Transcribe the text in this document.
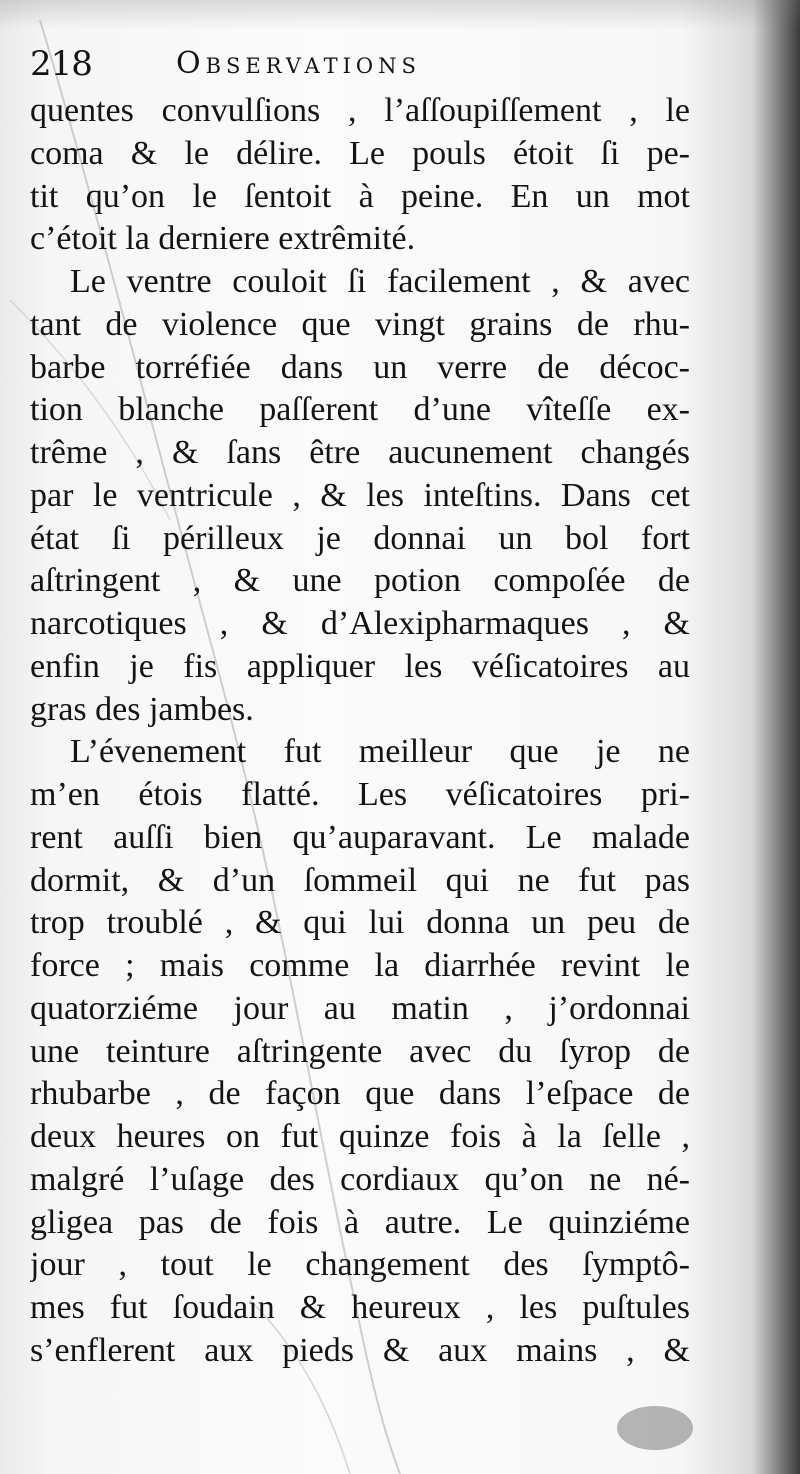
218	Observations
quentes convulſions , l’aſſoupiſſement , le
coma & le délire. Le pouls étoit ſi pe-
tit qu’on le ſentoit à peine. En un mot
c’étoit la derniere extrêmité.
Le ventre couloit ſi facilement , & avec
tant de violence que vingt grains de rhu-
barbe torréfiée dans un verre de décoc-
tion blanche paſſerent d’une vîteſſe ex-
trême , & ſans être aucunement changés
par le ventricule , & les inteſtins. Dans cet
état ſi périlleux je donnai un bol fort
aſtringent , & une potion compoſée de
narcotiques , & d’Alexipharmaques , &
enfin je fis appliquer les véſicatoires au
gras des jambes.
L’évenement fut meilleur que je ne
m’en étois flatté. Les véſicatoires pri-
rent auſſi bien qu’auparavant. Le malade
dormit, & d’un ſommeil qui ne fut pas
trop troublé , & qui lui donna un peu de
force ; mais comme la diarrhée revint le
quatorziéme jour au matin , j’ordonnai
une teinture aſtringente avec du ſyrop de
rhubarbe , de façon que dans l’eſpace de
deux heures on fut quinze fois à la ſelle ,
malgré l’uſage des cordiaux qu’on ne né-
gligea pas de fois à autre. Le quinziéme
jour , tout le changement des ſymptô-
mes fut ſoudain & heureux , les puſtules
s’enflerent aux pieds & aux mains , &
